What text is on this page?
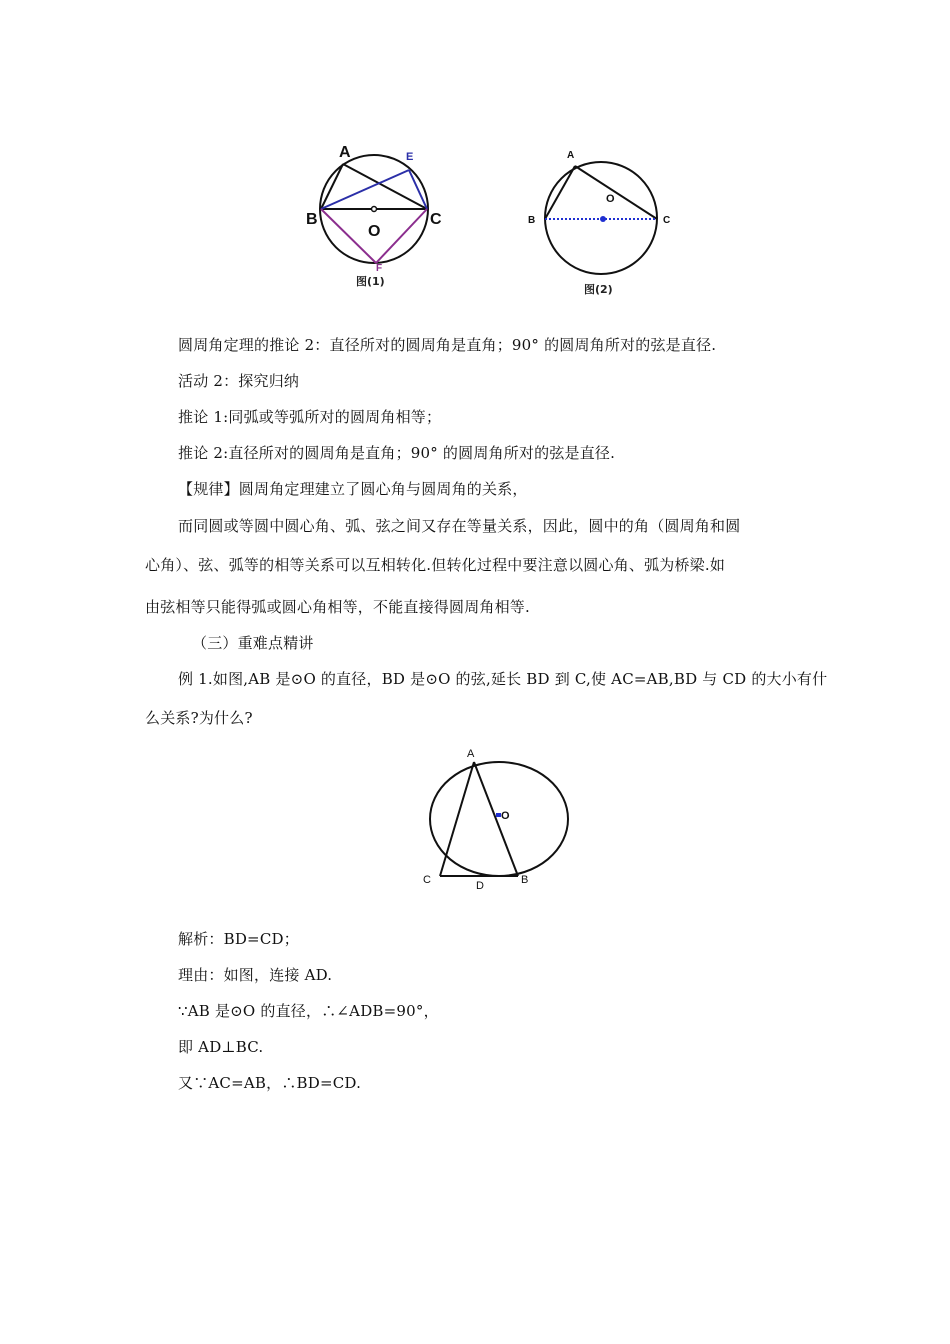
A	E
B	C
O
F
图(1)
A
O
B	C
图(2)
圆周角定理的推论 2：直径所对的圆周角是直角；90° 的圆周角所对的弦是直径.
活动 2：探究归纳
推论 1:同弧或等弧所对的圆周角相等；
推论 2:直径所对的圆周角是直角；90° 的圆周角所对的弦是直径.
【规律】圆周角定理建立了圆心角与圆周角的关系，
而同圆或等圆中圆心角、弧、弦之间又存在等量关系，因此，圆中的角（圆周角和圆
心角）、弦、弧等的相等关系可以互相转化.但转化过程中要注意以圆心角、弧为桥梁.如
由弦相等只能得弧或圆心角相等，不能直接得圆周角相等.
（三）重难点精讲
例 1.如图,AB 是⊙O 的直径，BD 是⊙O 的弦,延长 BD 到 C,使 AC=AB,BD 与 CD 的大小有什
么关系?为什么?
A
O
C	D	B
解析：BD=CD；
理由：如图，连接 AD.
∵AB 是⊙O 的直径，∴∠ADB=90°，
即 AD⊥BC.
又∵AC=AB，∴BD=CD.
